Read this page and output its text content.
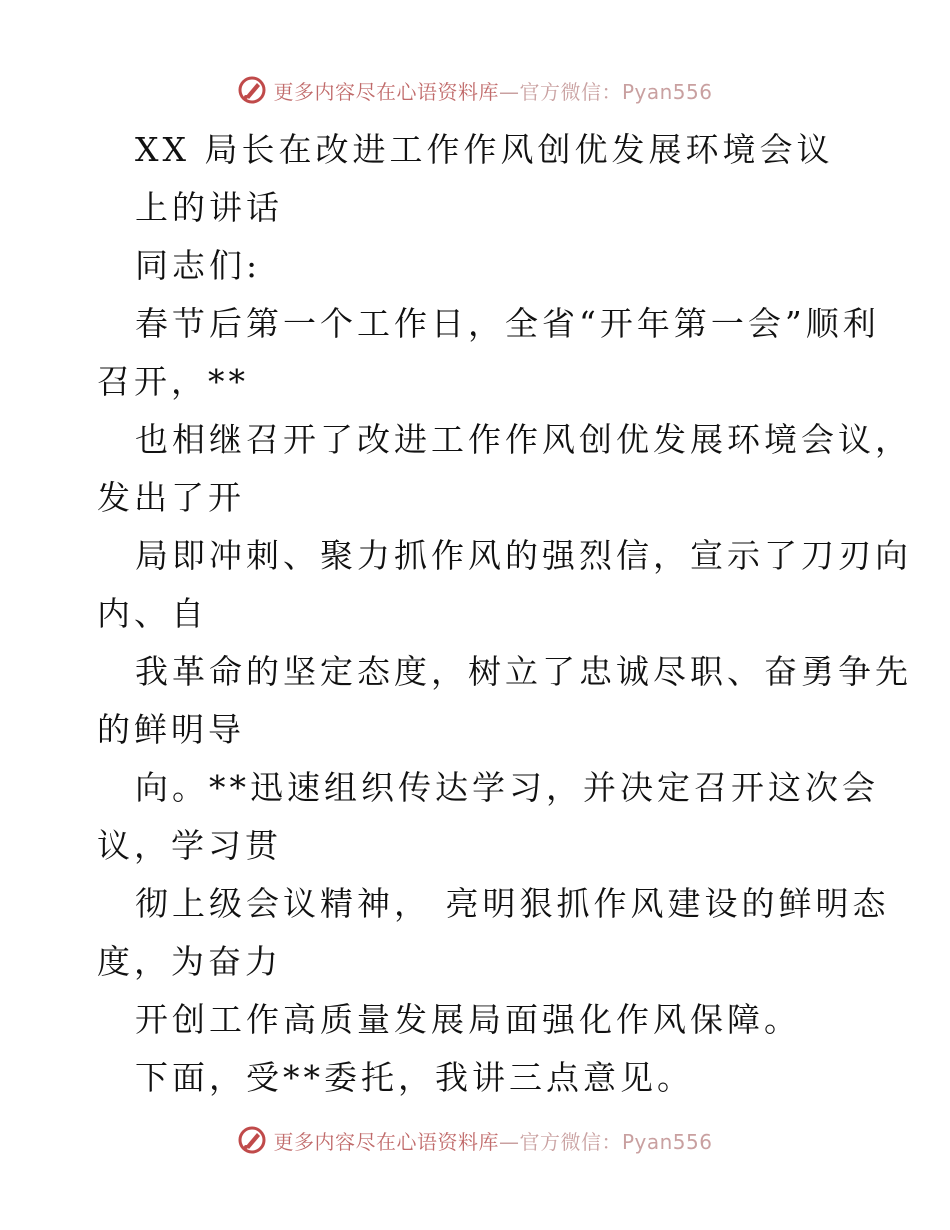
更多内容尽在心语资料库—官方微信：Pyan556
XX 局长在改进工作作风创优发展环境会议
上的讲话
同志们:
春节后第一个工作日，全省“开年第一会”顺利
召开，**
也相继召开了改进工作作风创优发展环境会议，
发出了开
局即冲刺、聚力抓作风的强烈信，宣示了刀刃向
内、自
我革命的坚定态度，树立了忠诚尽职、奋勇争先
的鲜明导
向。**迅速组织传达学习，并决定召开这次会
议，学习贯
彻上级会议精神， 亮明狠抓作风建设的鲜明态
度，为奋力
开创工作高质量发展局面强化作风保障。
下面，受**委托，我讲三点意见。
更多内容尽在心语资料库—官方微信：Pyan556
